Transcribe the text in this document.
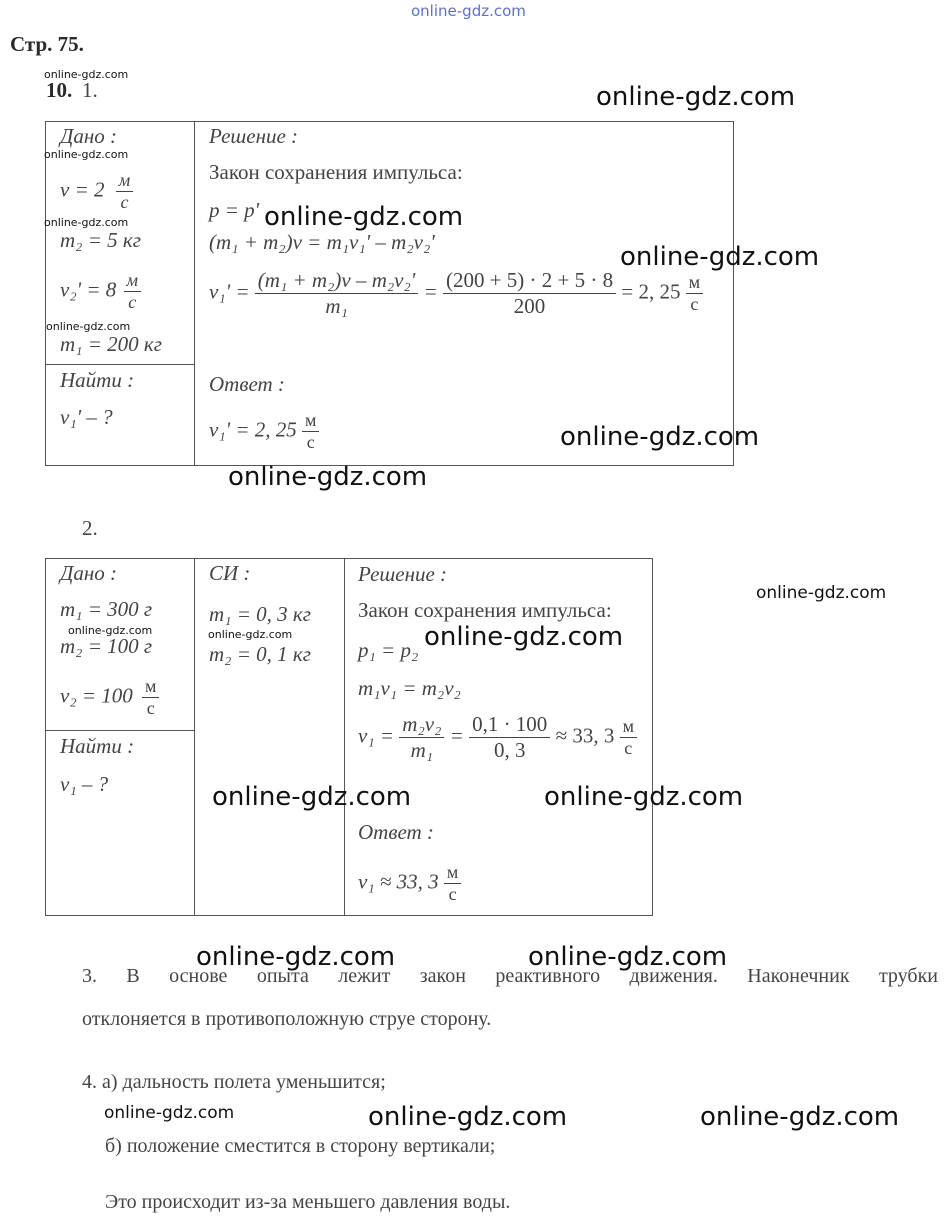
online-gdz.com
Стр. 75.
10. 1.
Дано :
$v = 2 \frac{м}{с}$
m₂ = 5 кг
$v_2' = 8 \frac{м}{с}$
m₁ = 200 кг
Найти :
v₁' – ?
Решение :
Закон сохранения импульса:
p = p'
(m₁ + m₂)v = m₁v₁' – m₂v₂'
$v_1' = \frac{\text{(m₁ + m₂)v – m₂v₂'}}{\text{m₁}} = \frac{(200 + 5) \cdot 2 + 5 \cdot 8}{200} = 2$, $25 \frac{м}{с}$
Ответ :
v₁' = 2, $25 \frac{м}{с}$
2.
Дано :
m₁ = 300 г
m₂ = 100 г
$v_2 = 100 \frac{м}{с}$
Найти :
v₁ – ?
СИ :
m₁ = 0, 3 кг
m₂ = 0, 1 кг
Решение :
Закон сохранения импульса:
p₁ = p₂
m₁v₁ = m₂v₂
$v_1 = \frac{\text{m₂v₂}}{\text{m₁}} = \frac{0,1 \cdot 100}{0, 3} \approx 33$, $3 \frac{м}{с}$
Ответ :
v₁ ≈ 33, $3 \frac{м}{с}$
3. В основе опыта лежит закон реактивного движения. Наконечник трубки
отклоняется в противоположную струе сторону.
4. а) дальность полета уменьшится;
б) положение сместится в сторону вертикали;
Это происходит из-за меньшего давления воды.
online-gdz.com
online-gdz.com
online-gdz.com
online-gdz.com	online-gdz.com
online-gdz.com
online-gdz.com
online-gdz.com
online-gdz.com
online-gdz.com
online-gdz.com	online-gdz.com	online-gdz.com
online-gdz.com	online-gdz.com
online-gdz.com	online-gdz.com
online-gdz.com	online-gdz.com	online-gdz.com
